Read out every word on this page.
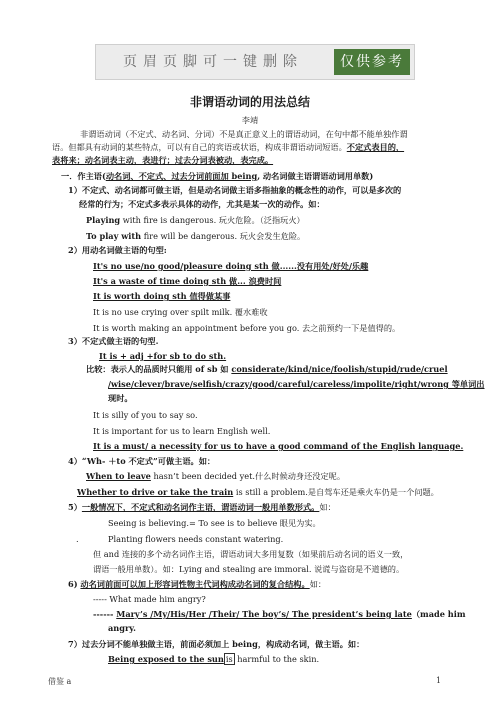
页眉页脚可一键删除	仅供参考
非谓语动词的用法总结
李靖
非谓语动词（不定式、动名词、分词）不是真正意义上的谓语动词，在句中都不能单独作谓
语。但都具有动词的某些特点，可以有自己的宾语或状语，构成非谓语动词短语。不定式表目的，
表将来；动名词表主动，表进行；过去分词表被动，表完成。
一．作主语(动名词、不定式、过去分词前面加 being, 动名词做主语谓语动词用单数)
1）不定式、动名词都可做主语，但是动名词做主语多指抽象的概念性的动作，可以是多次的
经常的行为；不定式多表示具体的动作，尤其是某一次的动作。如：
Playing with fire is dangerous. 玩火危险。（泛指玩火）
To play with fire will be dangerous. 玩火会发生危险。
2）用动名词做主语的句型:
It's no use/no good/pleasure doing sth 做......没有用处/好处/乐趣
It's a waste of time doing sth 做... 浪费时间
It is worth doing sth 值得做某事
It is no use crying over spilt milk. 覆水难收
It is worth making an appointment before you go. 去之前预约一下是值得的。
3）不定式做主语的句型.
It is + adj +for sb to do sth.
比较：表示人的品质时只能用 of sb 如 considerate/kind/nice/foolish/stupid/rude/cruel
/wise/clever/brave/selfish/crazy/good/careful/careless/impolite/right/wrong 等单词出
现时。
It is silly of you to say so.
It is important for us to learn English well.
It is a must/ a necessity for us to have a good command of the English language.
4）“Wh- ＋to 不定式”可做主语。如：
When to leave hasn’t been decided yet.什么时候动身还没定呢。
Whether to drive or take the train is still a problem.是自驾车还是乘火车仍是一个问题。
5）一般情况下，不定式和动名词作主语，谓语动词一般用单数形式。如：
Seeing is believing.= To see is to believe 眼见为实。
.	Planting flowers needs constant watering.
但 and 连接的多个动名词作主语，谓语动词大多用复数（如果前后动名词的语义一致，
谓语一般用单数）。如：Lying and stealing are immoral. 说谎与盗窃是不道德的。
6) 动名词前面可以加上形容词性物主代词构成动名词的复合结构。如：
----- What made him angry?
------ Mary’s /My/His/Her /Their/ The boy’s/ The president’s being late（made him
angry.
7）过去分词不能单独做主语，前面必须加上 being，构成动名词，做主语。如：
Being exposed to the sun is harmful to the skin.
借鉴 a	1
